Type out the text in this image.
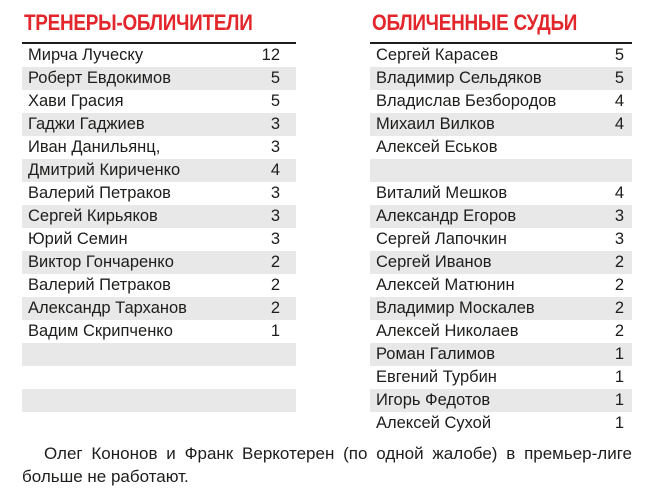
ТРЕНЕРЫ-ОБЛИЧИТЕЛИ
Мирча Луческу	12
Роберт Евдокимов	5
Хави Грасия	5
Гаджи Гаджиев	3
Иван Данильянц,	3
Дмитрий Кириченко	4
Валерий Петраков	3
Сергей Кирьяков	3
Юрий Семин	3
Виктор Гончаренко	2
Валерий Петраков	2
Александр Тарханов	2
Вадим Скрипченко	1
ОБЛИЧЕННЫЕ СУДЬИ
Сергей Карасев	5
Владимир Сельдяков	5
Владислав Безбородов	4
Михаил Вилков	4
Алексей Еськов
Виталий Мешков	4
Александр Егоров	3
Сергей Лапочкин	3
Сергей Иванов	2
Алексей Матюнин	2
Владимир Москалев	2
Алексей Николаев	2
Роман Галимов	1
Евгений Турбин	1
Игорь Федотов	1
Алексей Сухой	1
Олег Кононов и Франк Веркотерен (по одной жалобе) в премьер-лиге больше не работают.
